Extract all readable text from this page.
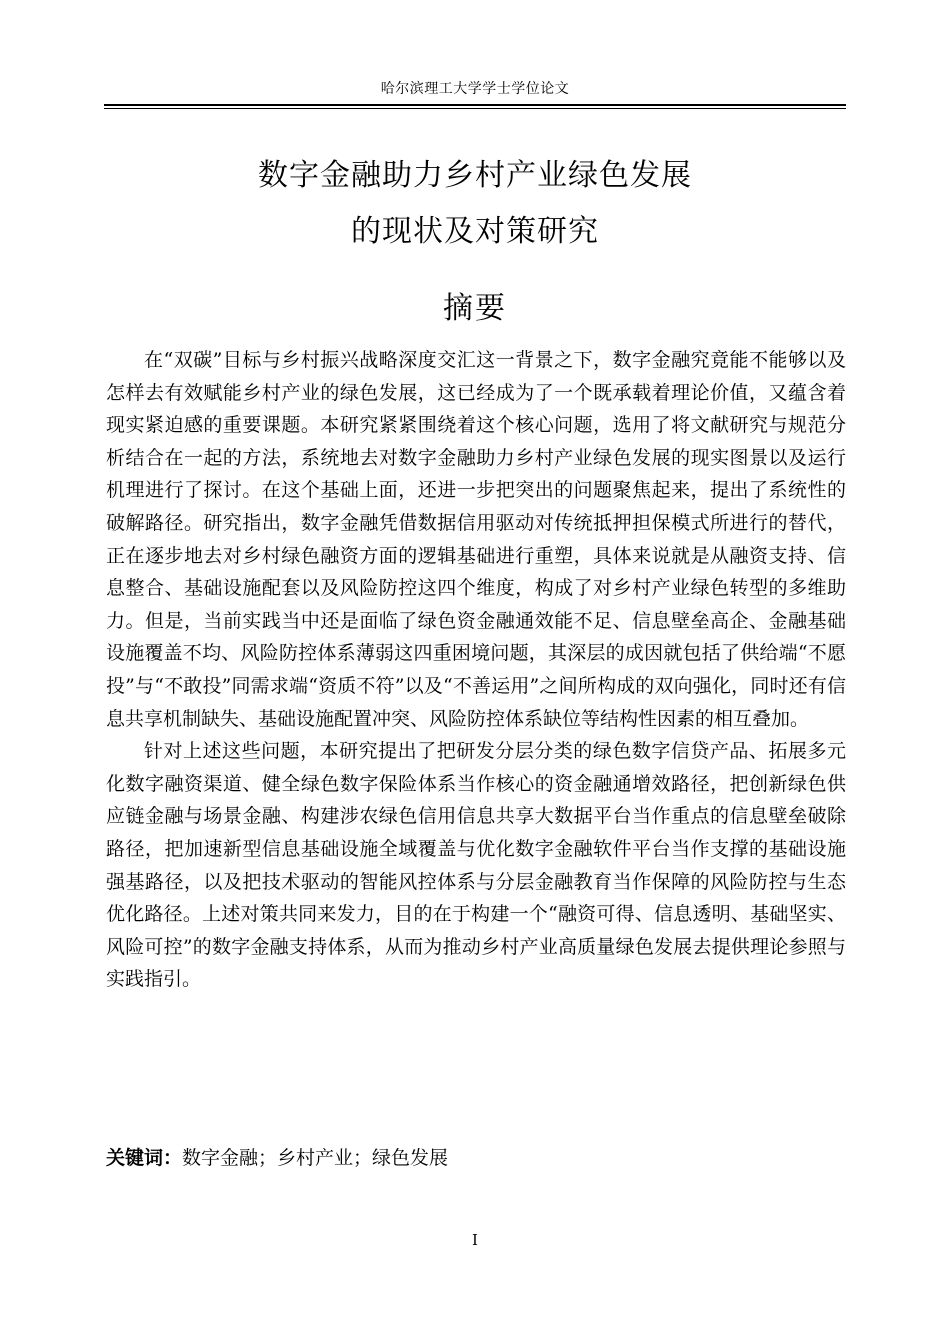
哈尔滨理工大学学士学位论文
数字金融助力乡村产业绿色发展
的现状及对策研究
摘要

在“双碳”目标与乡村振兴战略深度交汇这一背景之下，数字金融究竟能不能够以及怎样去有效赋能乡村产业的绿色发展，这已经成为了一个既承载着理论价值，又蕴含着现实紧迫感的重要课题。本研究紧紧围绕着这个核心问题，选用了将文献研究与规范分析结合在一起的方法，系统地去对数字金融助力乡村产业绿色发展的现实图景以及运行机理进行了探讨。在这个基础上面，还进一步把突出的问题聚焦起来，提出了系统性的破解路径。研究指出，数字金融凭借数据信用驱动对传统抵押担保模式所进行的替代，正在逐步地去对乡村绿色融资方面的逻辑基础进行重塑，具体来说就是从融资支持、信息整合、基础设施配套以及风险防控这四个维度，构成了对乡村产业绿色转型的多维助力。但是，当前实践当中还是面临了绿色资金融通效能不足、信息壁垒高企、金融基础设施覆盖不均、风险防控体系薄弱这四重困境问题，其深层的成因就包括了供给端“不愿投”与“不敢投”同需求端“资质不符”以及“不善运用”之间所构成的双向强化，同时还有信息共享机制缺失、基础设施配置冲突、风险防控体系缺位等结构性因素的相互叠加。

针对上述这些问题，本研究提出了把研发分层分类的绿色数字信贷产品、拓展多元化数字融资渠道、健全绿色数字保险体系当作核心的资金融通增效路径，把创新绿色供应链金融与场景金融、构建涉农绿色信用信息共享大数据平台当作重点的信息壁垒破除路径，把加速新型信息基础设施全域覆盖与优化数字金融软件平台当作支撑的基础设施强基路径，以及把技术驱动的智能风控体系与分层金融教育当作保障的风险防控与生态优化路径。上述对策共同来发力，目的在于构建一个“融资可得、信息透明、基础坚实、风险可控”的数字金融支持体系，从而为推动乡村产业高质量绿色发展去提供理论参照与实践指引。

关键词：数字金融；乡村产业；绿色发展
I
